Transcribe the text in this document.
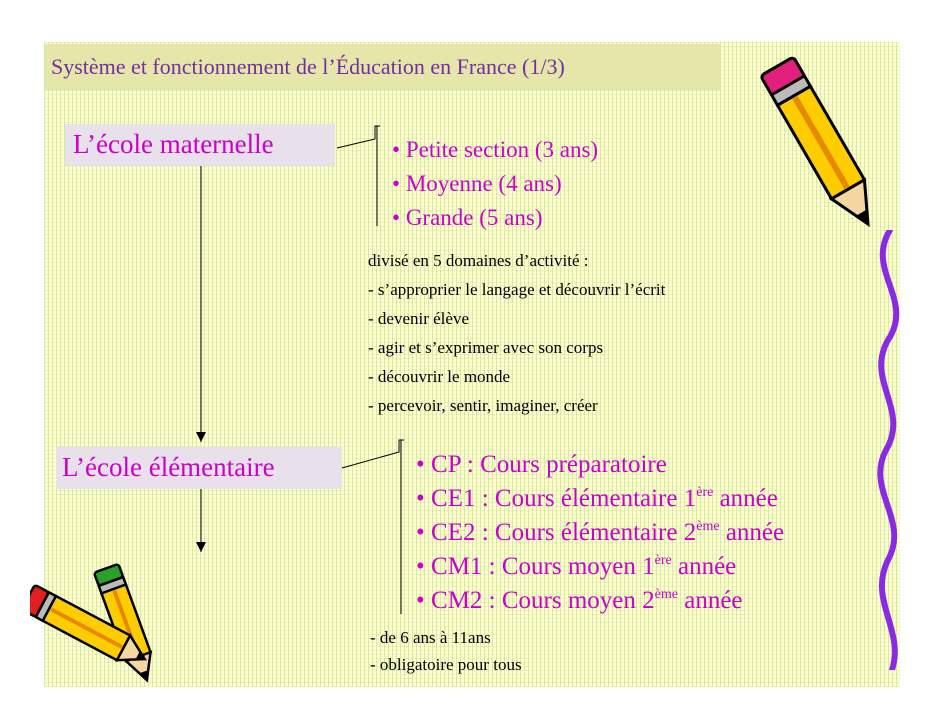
Système et fonctionnement de l’Éducation en France (1/3)
L’école maternelle	• Petite section (3 ans)
• Moyenne (4 ans)
• Grande (5 ans)
divisé en 5 domaines d’activité :
- s’approprier le langage et découvrir l’écrit
- devenir élève
- agir et s’exprimer avec son corps
- découvrir le monde
- percevoir, sentir, imaginer, créer
L’école élémentaire	• CP : Cours préparatoire
• CE1 : Cours élémentaire 1ère année
• CE2 : Cours élémentaire 2ème année
• CM1 : Cours moyen 1ère année
• CM2 : Cours moyen 2ème année
- de 6 ans à 11ans
- obligatoire pour tous
